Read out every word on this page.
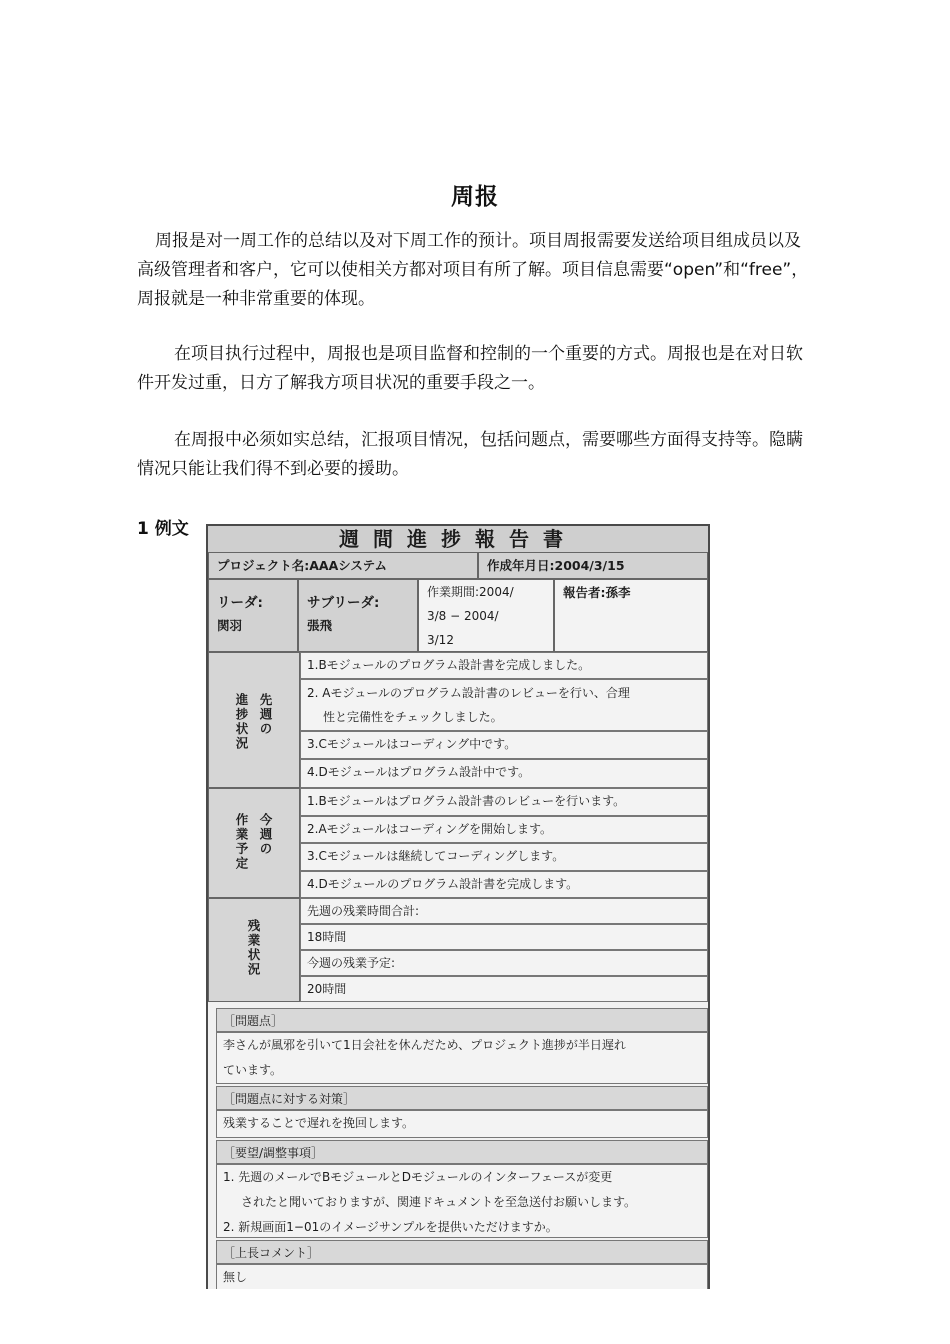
周报

周报是对一周工作的总结以及对下周工作的预计。项目周报需要发送给项目组成员以及高级管理者和客户，它可以使相关方都对项目有所了解。项目信息需要“open”和“free”，周报就是一种非常重要的体现。

在项目执行过程中，周报也是项目监督和控制的一个重要的方式。周报也是在对日软件开发过重，日方了解我方项目状况的重要手段之一。

在周报中必须如实总结，汇报项目情况，包括问题点，需要哪些方面得支持等。隐瞒情况只能让我们得不到必要的援助。

1 例文	週間進捗報告書
プロジェクト名:AAAシステム	作成年月日:2004/3/15
リーダ:
関羽
サブリーダ:
張飛
作業期間:2004/
3/8 − 2004/
3/12
報告者:孫李
先週の
進捗状況
1.Bモジュールのプログラム設計書を完成しました。
2. Aモジュールのプログラム設計書のレビューを行い、合理
性と完備性をチェックしました。
3.Cモジュールはコーディング中です。
4.Dモジュールはプログラム設計中です。
今週の
作業予定
1.Bモジュールはプログラム設計書のレビューを行います。
2.Aモジュールはコーディングを開始します。
3.Cモジュールは継続してコーディングします。
4.Dモジュールのプログラム設計書を完成します。
残業状況
先週の残業時間合計:
18時間
今週の残業予定:
20時間
［問題点］
李さんが風邪を引いて1日会社を休んだため、プロジェクト進捗が半日遅れ
ています。
［問題点に対する対策］
残業することで遅れを挽回します。
［要望/調整事項］
1. 先週のメールでBモジュールとDモジュールのインターフェースが変更
されたと聞いておりますが、関連ドキュメントを至急送付お願いします。
2. 新規画面1−01のイメージサンプルを提供いただけますか。
［上長コメント］
無し
